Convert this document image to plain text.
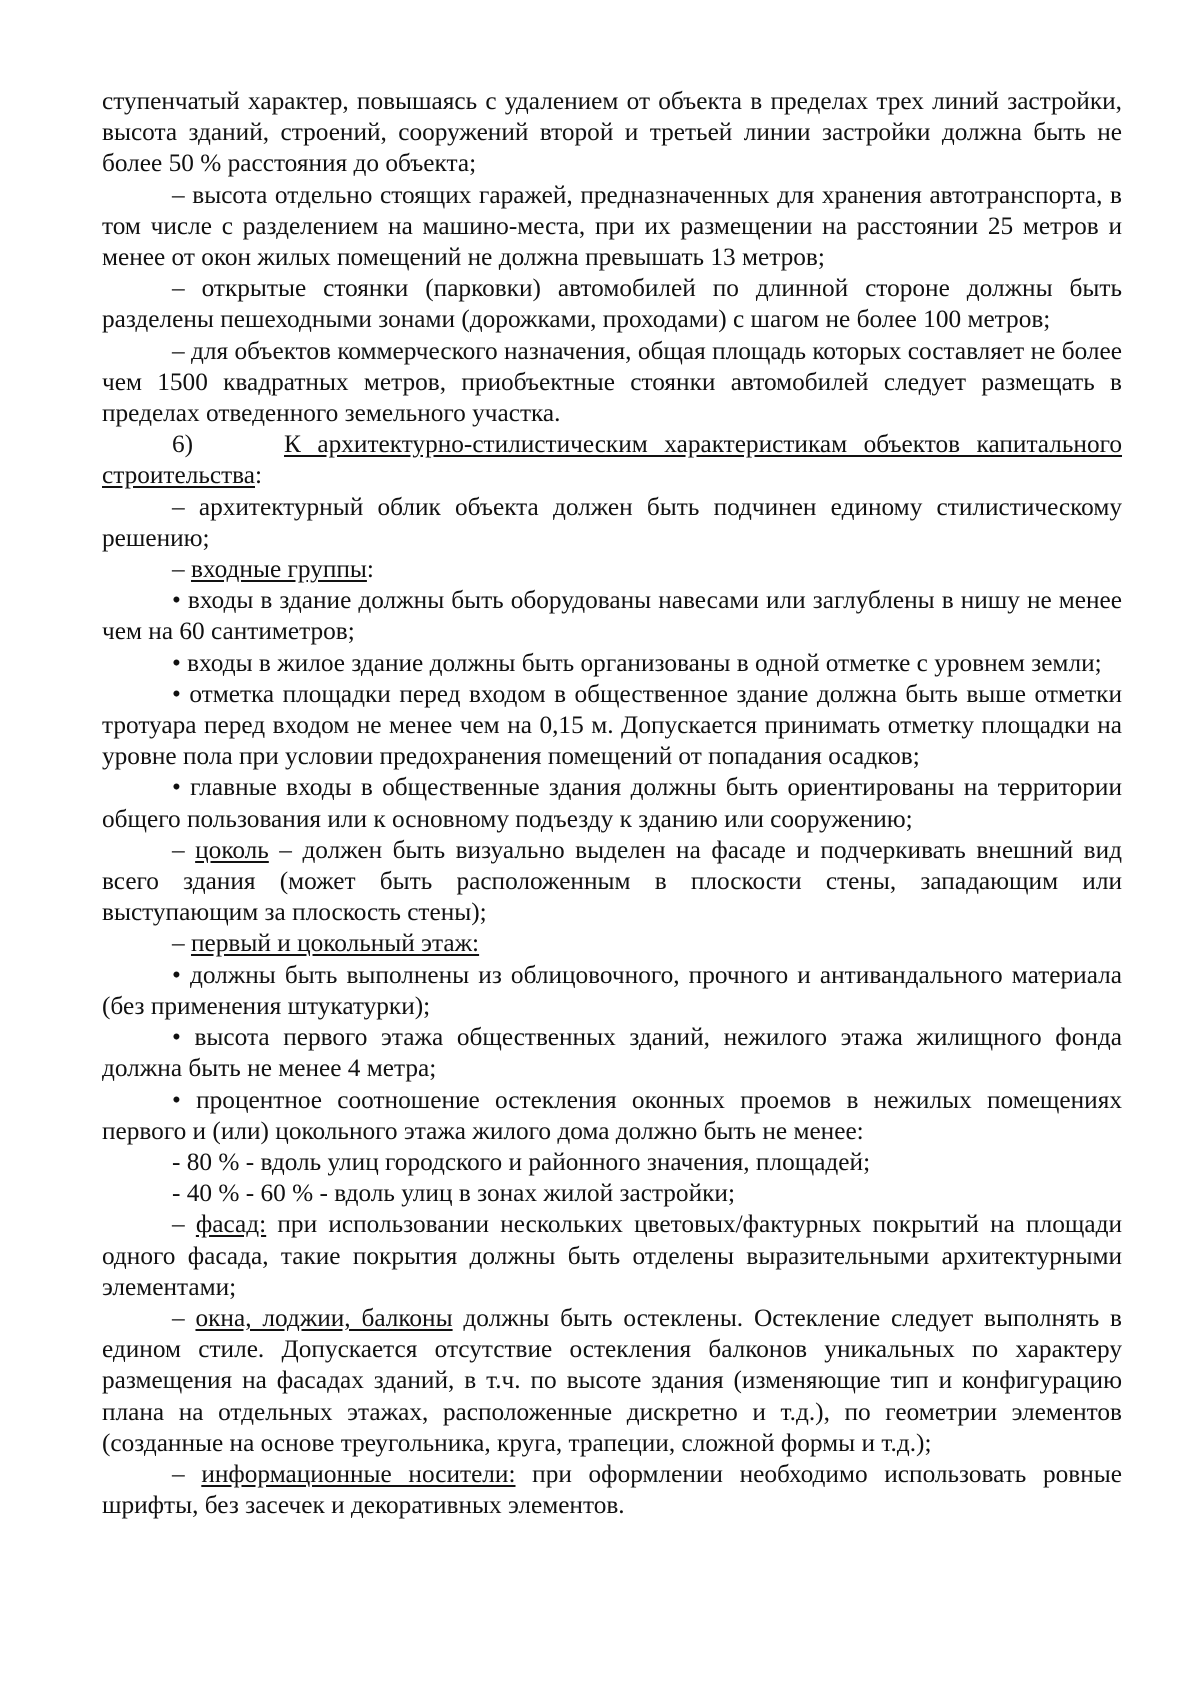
ступенчатый характер, повышаясь с удалением от объекта в пределах трех линий застройки, высота зданий, строений, сооружений второй и третьей линии застройки должна быть не более 50 % расстояния до объекта;

– высота отдельно стоящих гаражей, предназначенных для хранения автотранспорта, в том числе с разделением на машино-места, при их размещении на расстоянии 25 метров и менее от окон жилых помещений не должна превышать 13 метров;

– открытые стоянки (парковки) автомобилей по длинной стороне должны быть разделены пешеходными зонами (дорожками, проходами) с шагом не более 100 метров;

– для объектов коммерческого назначения, общая площадь которых составляет не более чем 1500 квадратных метров, приобъектные стоянки автомобилей следует размещать в пределах отведенного земельного участка.

6)	К архитектурно-стилистическим характеристикам объектов капитального строительства:

– архитектурный облик объекта должен быть подчинен единому стилистическому решению;

– входные группы:

• входы в здание должны быть оборудованы навесами или заглублены в нишу не менее чем на 60 сантиметров;

• входы в жилое здание должны быть организованы в одной отметке с уровнем земли;

• отметка площадки перед входом в общественное здание должна быть выше отметки тротуара перед входом не менее чем на 0,15 м. Допускается принимать отметку площадки на уровне пола при условии предохранения помещений от попадания осадков;

• главные входы в общественные здания должны быть ориентированы на территории общего пользования или к основному подъезду к зданию или сооружению;

– цоколь – должен быть визуально выделен на фасаде и подчеркивать внешний вид всего здания (может быть расположенным в плоскости стены, западающим или выступающим за плоскость стены);

– первый и цокольный этаж:

• должны быть выполнены из облицовочного, прочного и антивандального материала (без применения штукатурки);

• высота первого этажа общественных зданий, нежилого этажа жилищного фонда должна быть не менее 4 метра;

• процентное соотношение остекления оконных проемов в нежилых помещениях первого и (или) цокольного этажа жилого дома должно быть не менее:

- 80 % - вдоль улиц городского и районного значения, площадей;

- 40 % - 60 % - вдоль улиц в зонах жилой застройки;

– фасад: при использовании нескольких цветовых/фактурных покрытий на площади одного фасада, такие покрытия должны быть отделены выразительными архитектурными элементами;

– окна, лоджии, балконы должны быть остеклены. Остекление следует выполнять в едином стиле. Допускается отсутствие остекления балконов уникальных по характеру размещения на фасадах зданий, в т.ч. по высоте здания (изменяющие тип и конфигурацию плана на отдельных этажах, расположенные дискретно и т.д.), по геометрии элементов (созданные на основе треугольника, круга, трапеции, сложной формы и т.д.);

– информационные носители: при оформлении необходимо использовать ровные шрифты, без засечек и декоративных элементов.
